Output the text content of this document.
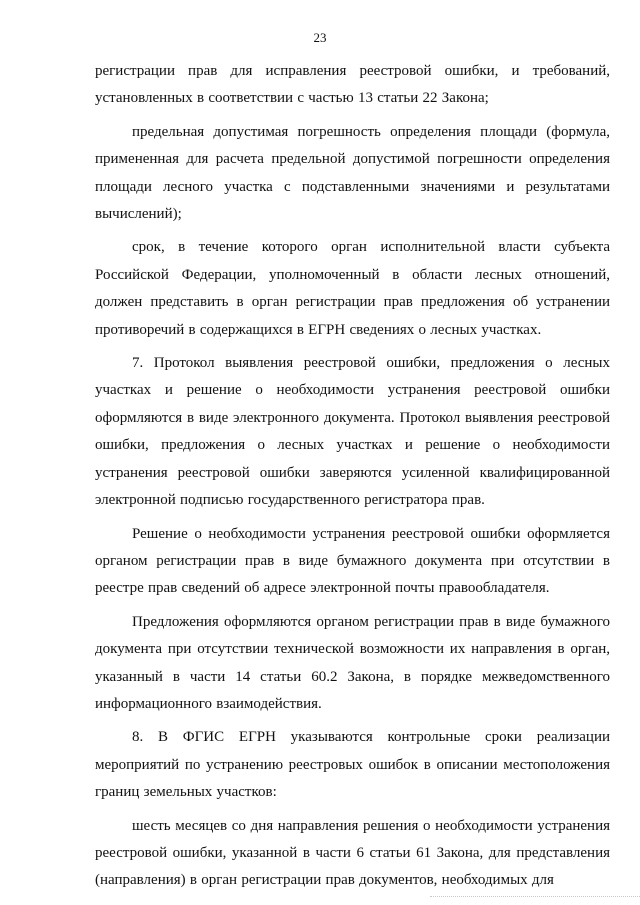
23

регистрации прав для исправления реестровой ошибки, и требований, установленных в соответствии с частью 13 статьи 22 Закона;

предельная допустимая погрешность определения площади (формула, примененная для расчета предельной допустимой погрешности определения площади лесного участка с подставленными значениями и результатами вычислений);

срок, в течение которого орган исполнительной власти субъекта Российской Федерации, уполномоченный в области лесных отношений, должен представить в орган регистрации прав предложения об устранении противоречий в содержащихся в ЕГРН сведениях о лесных участках.

7. Протокол выявления реестровой ошибки, предложения о лесных участках и решение о необходимости устранения реестровой ошибки оформляются в виде электронного документа. Протокол выявления реестровой ошибки, предложения о лесных участках и решение о необходимости устранения реестровой ошибки заверяются усиленной квалифицированной электронной подписью государственного регистратора прав.

Решение о необходимости устранения реестровой ошибки оформляется органом регистрации прав в виде бумажного документа при отсутствии в реестре прав сведений об адресе электронной почты правообладателя.

Предложения оформляются органом регистрации прав в виде бумажного документа при отсутствии технической возможности их направления в орган, указанный в части 14 статьи 60.2 Закона, в порядке межведомственного информационного взаимодействия.

8. В ФГИС ЕГРН указываются контрольные сроки реализации мероприятий по устранению реестровых ошибок в описании местоположения границ земельных участков:

шесть месяцев со дня направления решения о необходимости устранения реестровой ошибки, указанной в части 6 статьи 61 Закона, для представления (направления) в орган регистрации прав документов, необходимых для
